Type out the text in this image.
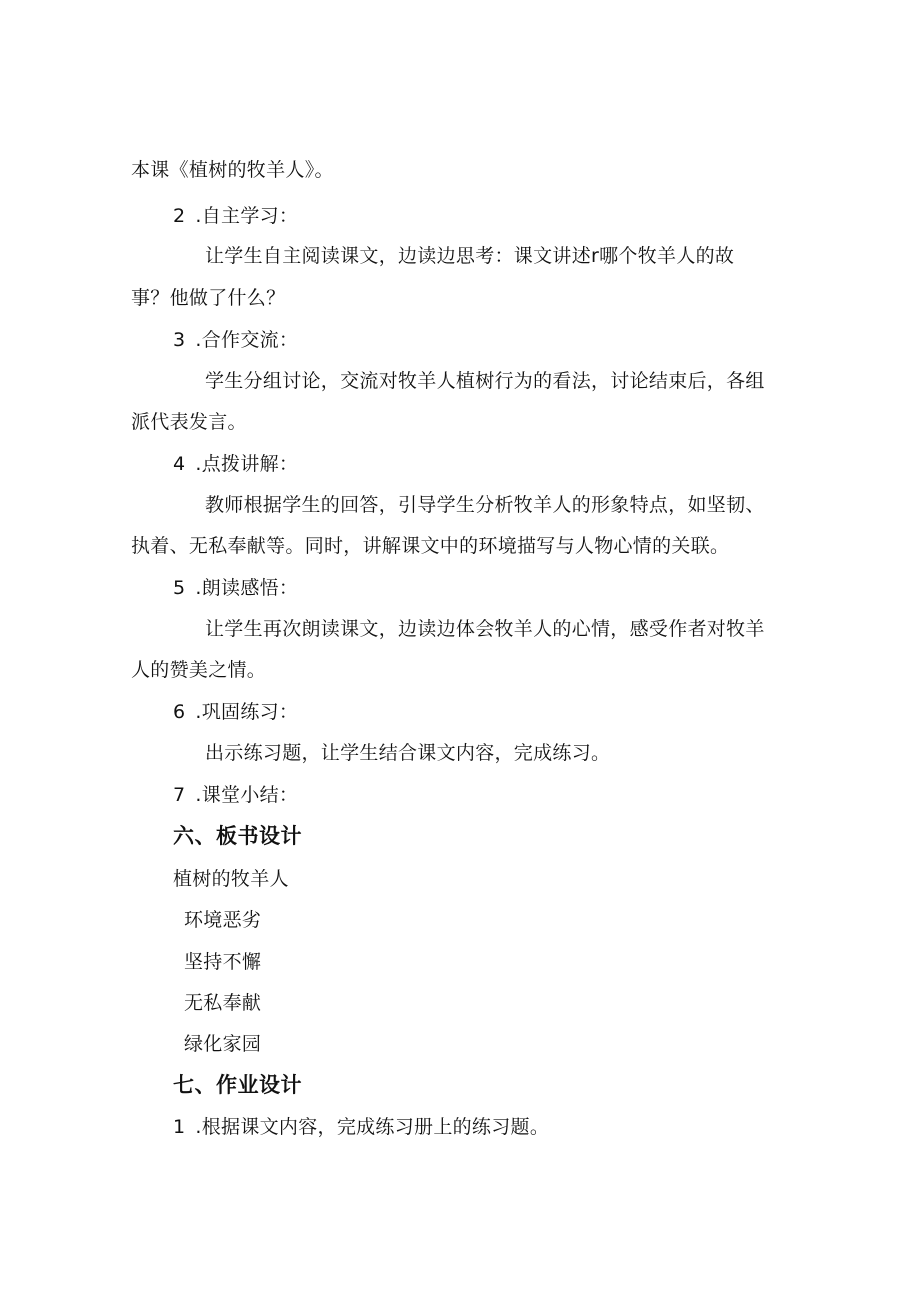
本课《植树的牧羊人》。
2 .自主学习：
让学生自主阅读课文，边读边思考：课文讲述r哪个牧羊人的故
事？他做了什么？
3 .合作交流：
学生分组讨论，交流对牧羊人植树行为的看法，讨论结束后，各组
派代表发言。
4 .点拨讲解：
教师根据学生的回答，引导学生分析牧羊人的形象特点，如坚韧、
执着、无私奉献等。同时，讲解课文中的环境描写与人物心情的关联。
5 .朗读感悟：
让学生再次朗读课文，边读边体会牧羊人的心情，感受作者对牧羊
人的赞美之情。
6 .巩固练习：
出示练习题，让学生结合课文内容，完成练习。
7 .课堂小结：
六、板书设计
植树的牧羊人
环境恶劣
坚持不懈
无私奉献
绿化家园
七、作业设计
1 .根据课文内容，完成练习册上的练习题。
